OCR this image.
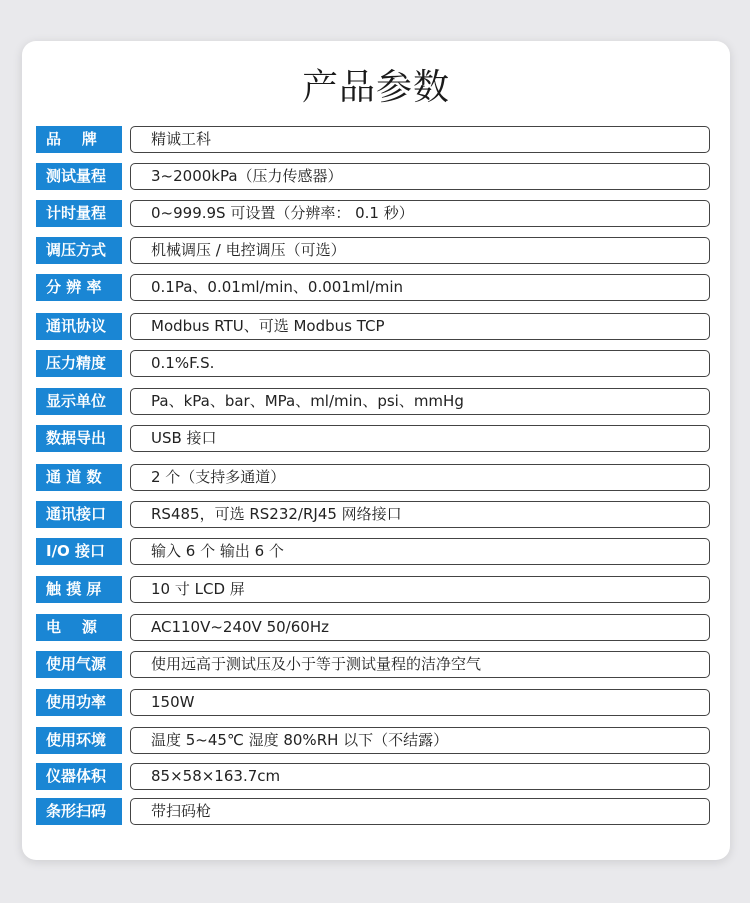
产品参数
品    牌	精诚工科
测试量程	3~2000kPa（压力传感器）
计时量程	0~999.9S 可设置（分辨率： 0.1 秒）
调压方式	机械调压 / 电控调压（可选）
分 辨 率	0.1Pa、0.01ml/min、0.001ml/min
通讯协议	Modbus RTU、可选 Modbus TCP
压力精度	0.1%F.S.
显示单位	Pa、kPa、bar、MPa、ml/min、psi、mmHg
数据导出	USB 接口
通 道 数	2 个（支持多通道）
通讯接口	RS485，可选 RS232/RJ45 网络接口
I/O 接口	输入 6 个 输出 6 个
触 摸 屏	10 寸 LCD 屏
电    源	AC110V~240V 50/60Hz
使用气源	使用远高于测试压及小于等于测试量程的洁净空气
使用功率	150W
使用环境	温度 5~45℃ 湿度 80%RH 以下（不结露）
仪器体积	85×58×163.7cm
条形扫码	带扫码枪
